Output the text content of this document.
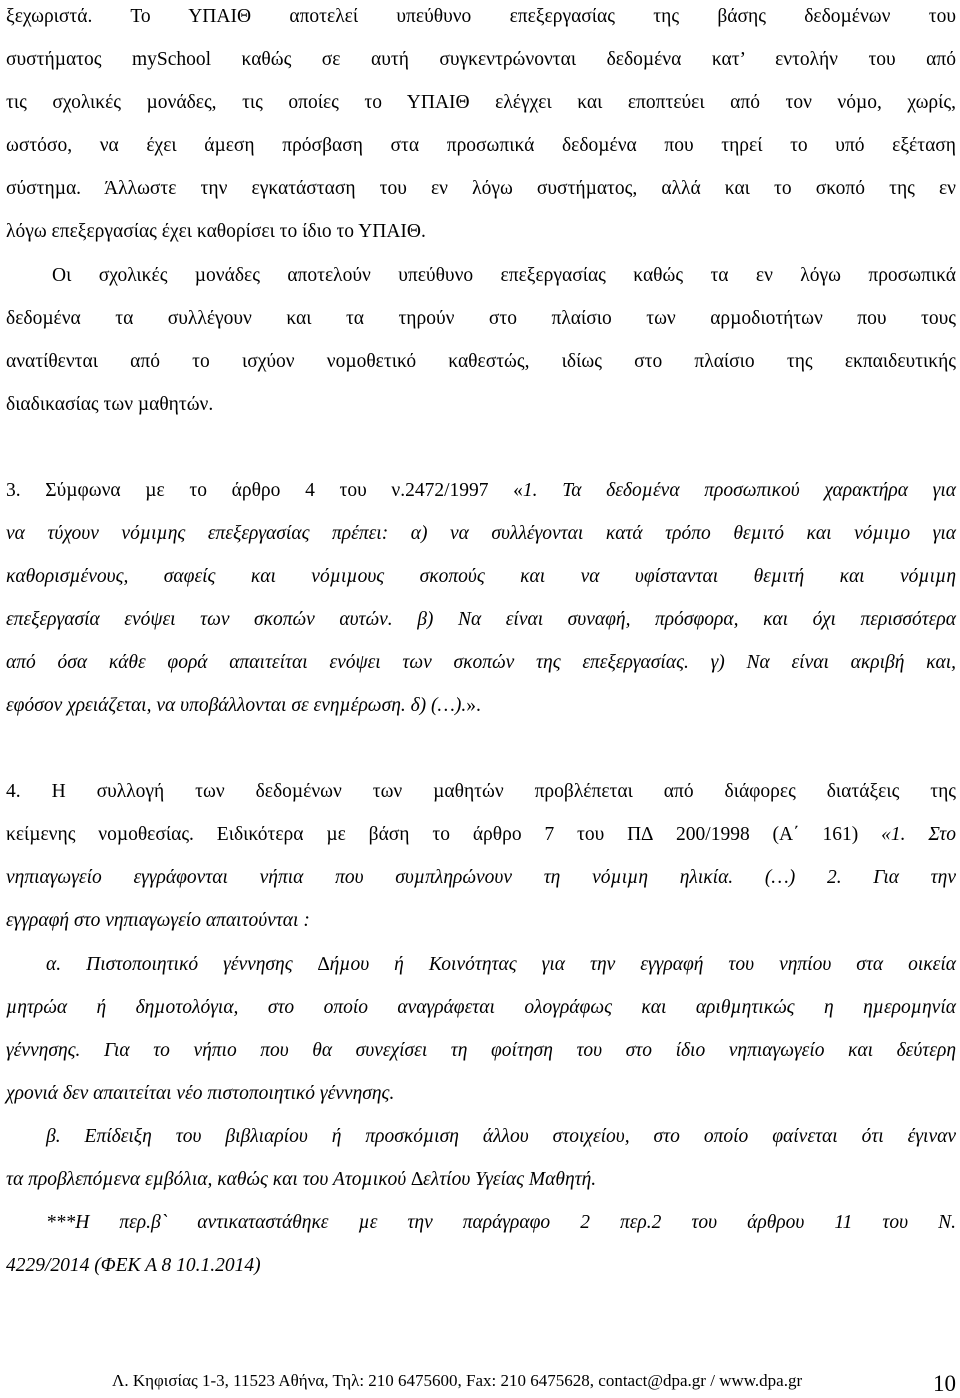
ξεχωριστά. Το ΥΠΑΙΘ αποτελεί υπεύθυνο επεξεργασίας της βάσης δεδοµένων του
συστήµατος mySchool καθώς σε αυτή συγκεντρώνονται δεδοµένα κατ’ εντολήν του από
τις σχολικές µονάδες, τις οποίες το ΥΠΑΙΘ ελέγχει και εποπτεύει από τον νόµο, χωρίς,
ωστόσο, να έχει άµεση πρόσβαση στα προσωπικά δεδοµένα που τηρεί το υπό εξέταση
σύστηµα. Άλλωστε την εγκατάσταση του εν λόγω συστήµατος, αλλά και το σκοπό της εν
λόγω επεξεργασίας έχει καθορίσει το ίδιο το ΥΠΑΙΘ.
Οι σχολικές µονάδες αποτελούν υπεύθυνο επεξεργασίας καθώς τα εν λόγω προσωπικά
δεδοµένα τα συλλέγουν και τα τηρούν στο πλαίσιο των αρµοδιοτήτων που τους
ανατίθενται από το ισχύον νοµοθετικό καθεστώς, ιδίως στο πλαίσιο της εκπαιδευτικής
διαδικασίας των µαθητών.
3. Σύµφωνα µε το άρθρο 4 του ν.2472/1997 «1. Τα δεδοµένα προσωπικού χαρακτήρα για
να τύχουν νόµιµης επεξεργασίας πρέπει: α) να συλλέγονται κατά τρόπο θεµιτό και νόµιµο για
καθορισµένους, σαφείς και νόµιµους σκοπούς και να υφίστανται θεµιτή και νόµιµη
επεξεργασία ενόψει των σκοπών αυτών. β) Να είναι συναφή, πρόσφορα, και όχι περισσότερα
από όσα κάθε φορά απαιτείται ενόψει των σκοπών της επεξεργασίας. γ) Να είναι ακριβή και,
εφόσον χρειάζεται, να υποβάλλονται σε ενηµέρωση. δ) (…).».
4. Η συλλογή των δεδοµένων των µαθητών προβλέπεται από διάφορες διατάξεις της
κείµενης νοµοθεσίας. Ειδικότερα µε βάση το άρθρο 7 του Π∆ 200/1998 (Α΄ 161) «1. Στο
νηπιαγωγείο εγγράφονται νήπια που συµπληρώνουν τη νόµιµη ηλικία. (…) 2. Για την
εγγραφή στο νηπιαγωγείο απαιτούνται :
α. Πιστοποιητικό γέννησης ∆ήµου ή Κοινότητας για την εγγραφή του νηπίου στα οικεία
µητρώα ή δηµοτολόγια, στο οποίο αναγράφεται ολογράφως και αριθµητικώς η ηµεροµηνία
γέννησης. Για το νήπιο που θα συνεχίσει τη φοίτηση του στο ίδιο νηπιαγωγείο και δεύτερη
χρονιά δεν απαιτείται νέο πιστοποιητικό γέννησης.
β. Επίδειξη του βιβλιαρίου ή προσκόµιση άλλου στοιχείου, στο οποίο φαίνεται ότι έγιναν
τα προβλεπόµενα εµβόλια, καθώς και του Ατοµικού ∆ελτίου Υγείας Μαθητή.
***Η περ.β` αντικαταστάθηκε µε την παράγραφο 2 περ.2 του άρθρου 11 του Ν.
4229/2014 (ΦΕΚ Α 8 10.1.2014)
Λ. Κηφισίας 1-3, 11523 Αθήνα, Τηλ: 210 6475600, Fax: 210 6475628, contact@dpa.gr / www.dpa.gr	10
